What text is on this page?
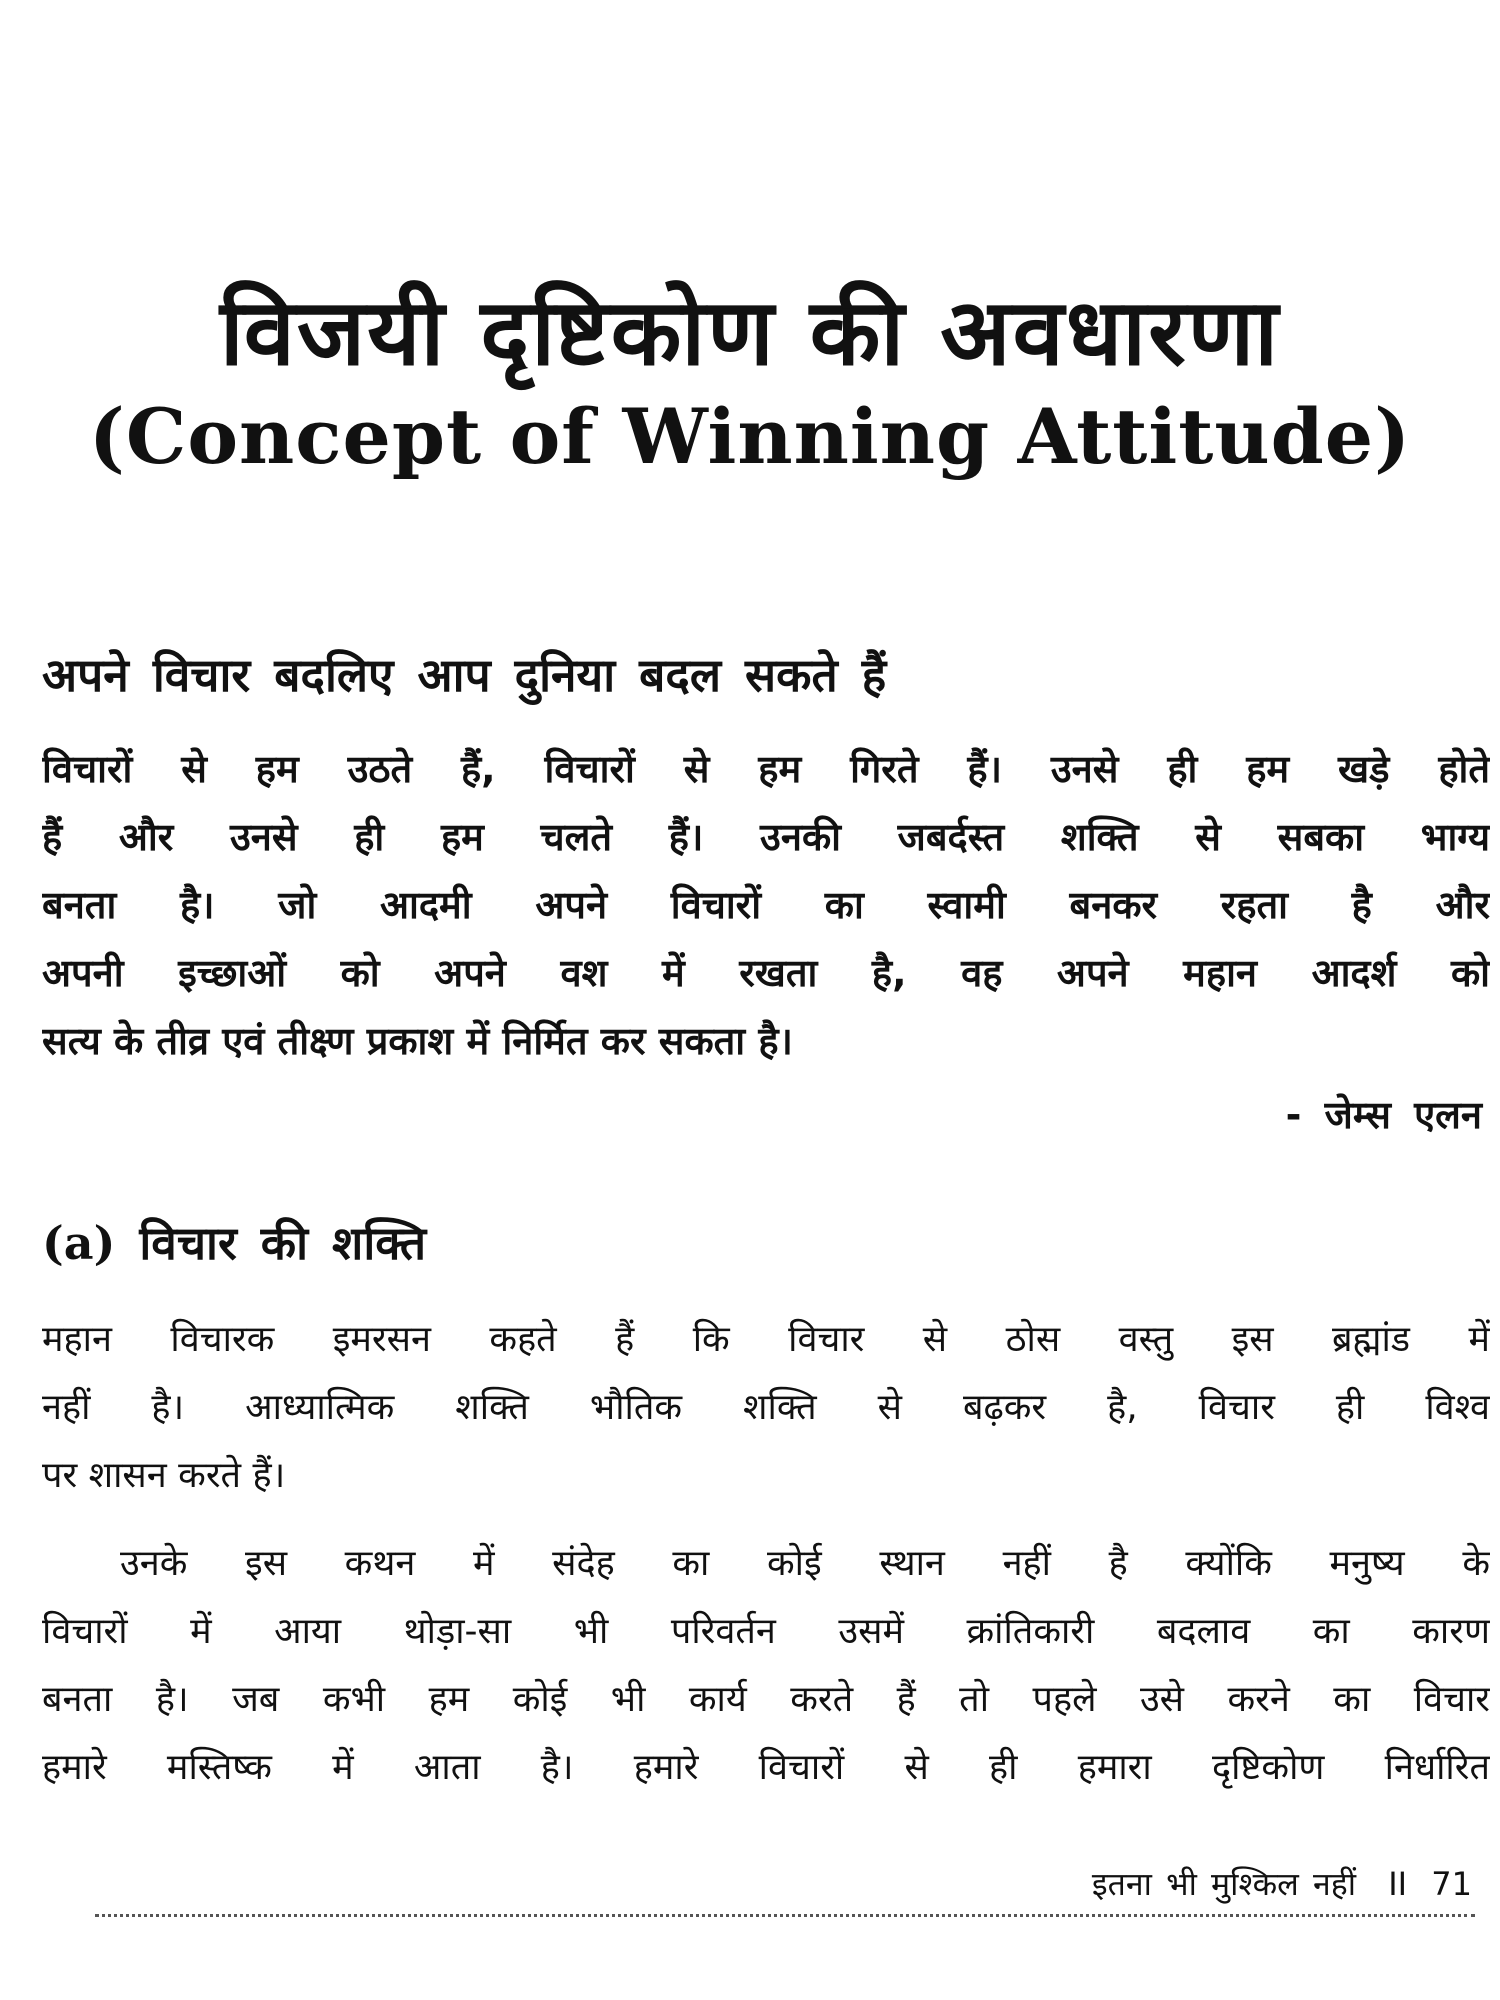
विजयी दृष्टिकोण की अवधारणा
(Concept of Winning Attitude)
अपने विचार बदलिए आप दुनिया बदल सकते हैं
विचारों से हम उठते हैं, विचारों से हम गिरते हैं। उनसे ही हम खड़े होते
हैं और उनसे ही हम चलते हैं। उनकी जबर्दस्त शक्ति से सबका भाग्य
बनता है। जो आदमी अपने विचारों का स्वामी बनकर रहता है और
अपनी इच्छाओं को अपने वश में रखता है, वह अपने महान आदर्श को
सत्य के तीव्र एवं तीक्ष्ण प्रकाश में निर्मित कर सकता है।
- जेम्स एलन
(a) विचार की शक्ति
महान विचारक इमरसन कहते हैं कि विचार से ठोस वस्तु इस ब्रह्मांड में
नहीं है। आध्यात्मिक शक्ति भौतिक शक्ति से बढ़कर है, विचार ही विश्व
पर शासन करते हैं।
उनके इस कथन में संदेह का कोई स्थान नहीं है क्योंकि मनुष्य के
विचारों में आया थोड़ा-सा भी परिवर्तन उसमें क्रांतिकारी बदलाव का कारण
बनता है। जब कभी हम कोई भी कार्य करते हैं तो पहले उसे करने का विचार
हमारे मस्तिष्क में आता है। हमारे विचारों से ही हमारा दृष्टिकोण निर्धारित
इतना भी मुश्किल नहीं II 71
